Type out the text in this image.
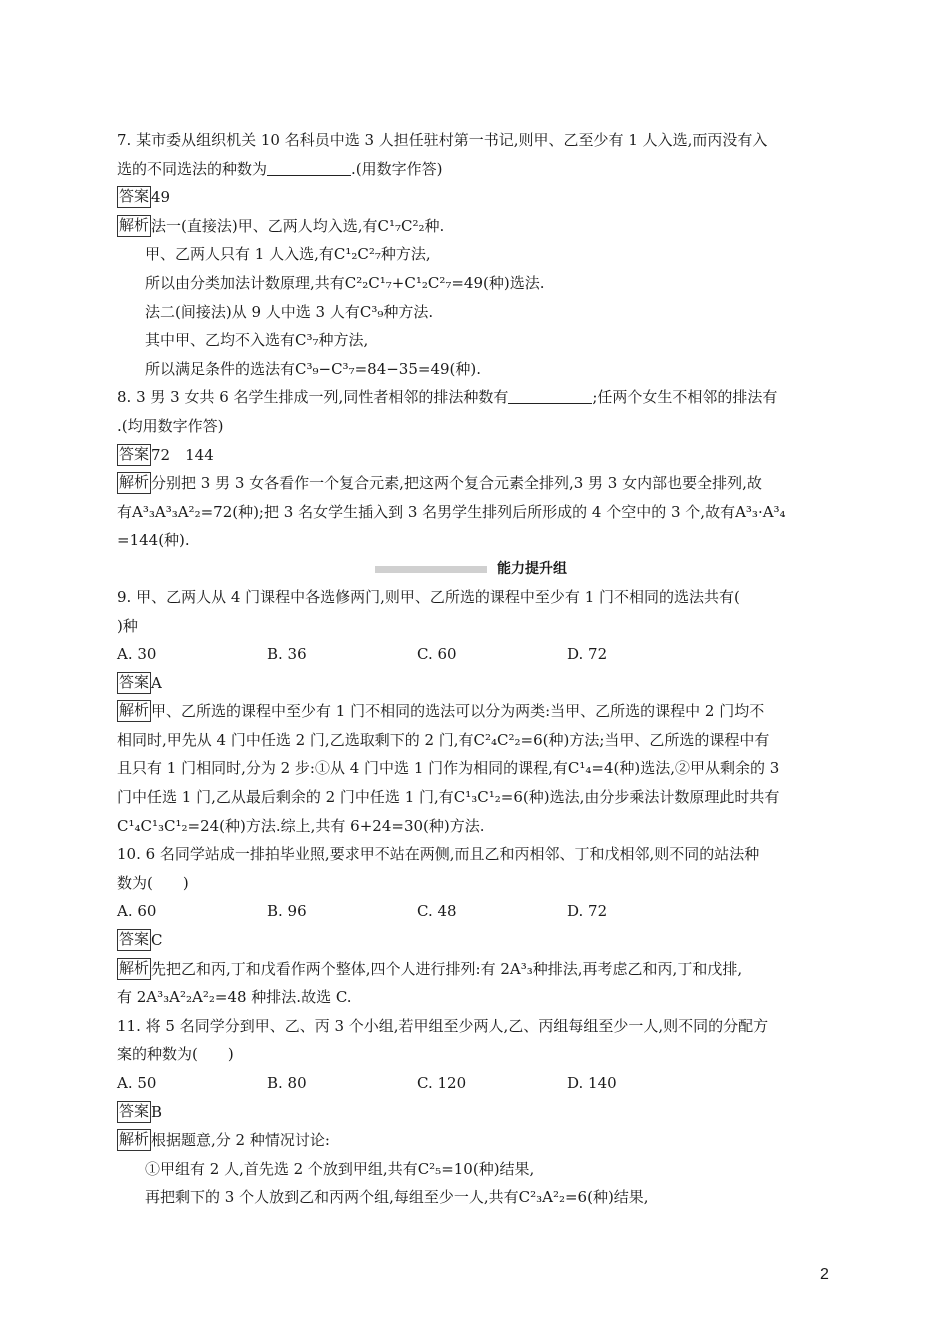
7. 某市委从组织机关 10 名科员中选 3 人担任驻村第一书记,则甲、乙至少有 1 人入选,而丙没有入
选的不同选法的种数为	.(用数字作答)
答案 49
解析 法一(直接法)甲、乙两人均入选,有C¹₇C²₂种.
甲、乙两人只有 1 人入选,有C¹₂C²₇种方法,
所以由分类加法计数原理,共有C²₂C¹₇+C¹₂C²₇=49(种)选法.
法二(间接法)从 9 人中选 3 人有C³₉种方法.
其中甲、乙均不入选有C³₇种方法,
所以满足条件的选法有C³₉−C³₇=84−35=49(种).
8. 3 男 3 女共 6 名学生排成一列,同性者相邻的排法种数有	;任两个女生不相邻的排法有
.(均用数字作答)
答案 72　144
解析 分别把 3 男 3 女各看作一个复合元素,把这两个复合元素全排列,3 男 3 女内部也要全排列,故
有A³₃A³₃A²₂=72(种);把 3 名女学生插入到 3 名男学生排列后所形成的 4 个空中的 3 个,故有A³₃·A³₄
=144(种).
能力提升组
9. 甲、乙两人从 4 门课程中各选修两门,则甲、乙所选的课程中至少有 1 门不相同的选法共有(
)种
A. 30	B. 36	C. 60	D. 72
答案 A
解析 甲、乙所选的课程中至少有 1 门不相同的选法可以分为两类:当甲、乙所选的课程中 2 门均不
相同时,甲先从 4 门中任选 2 门,乙选取剩下的 2 门,有C²₄C²₂=6(种)方法;当甲、乙所选的课程中有
且只有 1 门相同时,分为 2 步:①从 4 门中选 1 门作为相同的课程,有C¹₄=4(种)选法,②甲从剩余的 3
门中任选 1 门,乙从最后剩余的 2 门中任选 1 门,有C¹₃C¹₂=6(种)选法,由分步乘法计数原理此时共有
C¹₄C¹₃C¹₂=24(种)方法.综上,共有 6+24=30(种)方法.
10. 6 名同学站成一排拍毕业照,要求甲不站在两侧,而且乙和丙相邻、丁和戊相邻,则不同的站法种
数为(　　)
A. 60	B. 96	C. 48	D. 72
答案 C
解析 先把乙和丙,丁和戊看作两个整体,四个人进行排列:有 2A³₃种排法,再考虑乙和丙,丁和戊排,
有 2A³₃A²₂A²₂=48 种排法.故选 C.
11. 将 5 名同学分到甲、乙、丙 3 个小组,若甲组至少两人,乙、丙组每组至少一人,则不同的分配方
案的种数为(　　)
A. 50	B. 80	C. 120	D. 140
答案 B
解析 根据题意,分 2 种情况讨论:
①甲组有 2 人,首先选 2 个放到甲组,共有C²₅=10(种)结果,
再把剩下的 3 个人放到乙和丙两个组,每组至少一人,共有C²₃A²₂=6(种)结果,
2
